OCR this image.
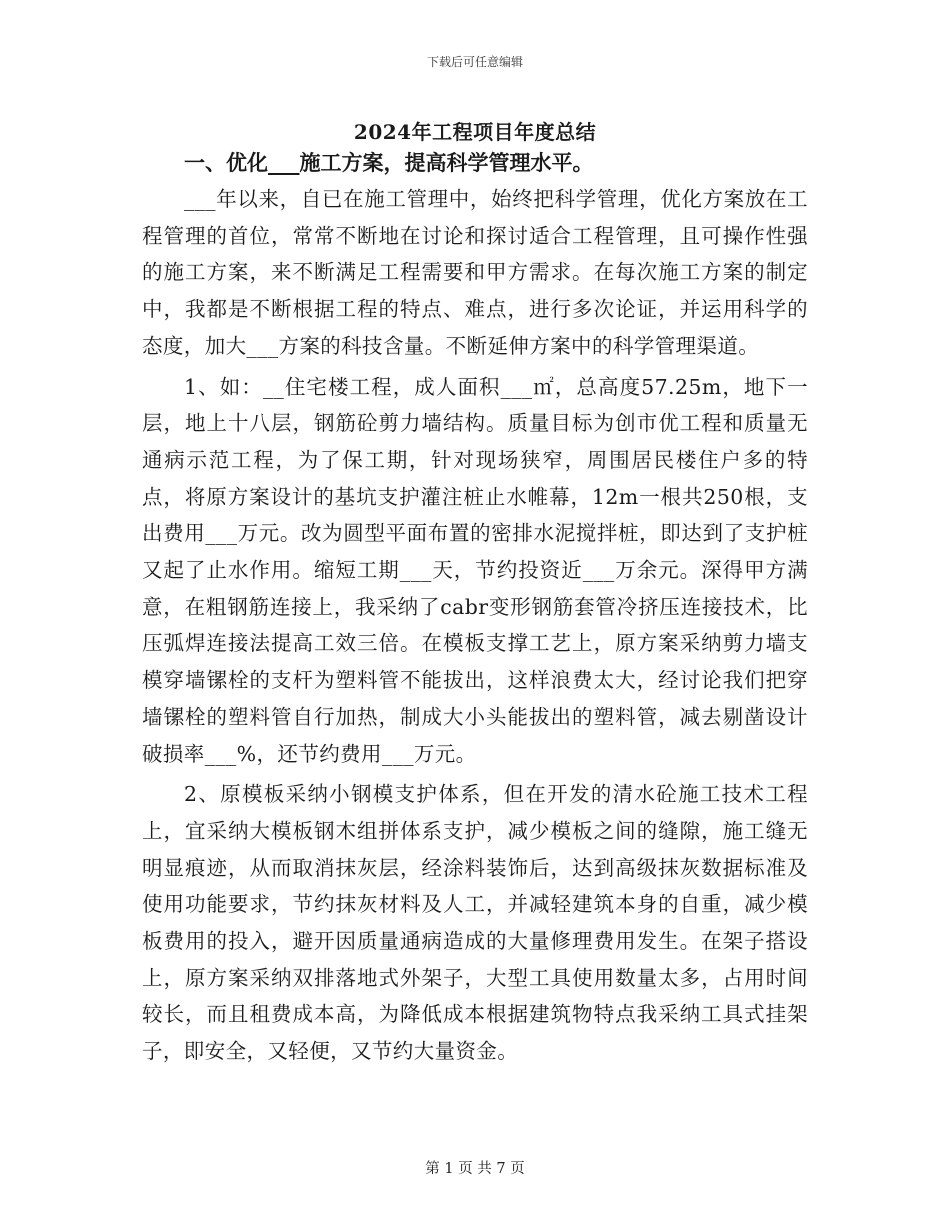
下载后可任意编辑
2024年工程项目年度总结

一、优化___施工方案，提高科学管理水平。

___年以来，自已在施工管理中，始终把科学管理，优化方案放在工程管理的首位，常常不断地在讨论和探讨适合工程管理，且可操作性强的施工方案，来不断满足工程需要和甲方需求。在每次施工方案的制定中，我都是不断根据工程的特点、难点，进行多次论证，并运用科学的态度，加大___方案的科技含量。不断延伸方案中的科学管理渠道。

1、如：__住宅楼工程，成人面积___㎡，总高度57.25m，地下一层，地上十八层，钢筋砼剪力墙结构。质量目标为创市优工程和质量无通病示范工程，为了保工期，针对现场狭窄，周围居民楼住户多的特点，将原方案设计的基坑支护灌注桩止水帷幕，12m一根共250根，支出费用___万元。改为圆型平面布置的密排水泥搅拌桩，即达到了支护桩又起了止水作用。缩短工期___天，节约投资近___万余元。深得甲方满意，在粗钢筋连接上，我采纳了cabr变形钢筋套管冷挤压连接技术，比压弧焊连接法提高工效三倍。在模板支撑工艺上，原方案采纳剪力墙支模穿墙镙栓的支杆为塑料管不能拔出，这样浪费太大，经讨论我们把穿墙镙栓的塑料管自行加热，制成大小头能拔出的塑料管，减去剔凿设计破损率___%，还节约费用___万元。

2、原模板采纳小钢模支护体系，但在开发的清水砼施工技术工程上，宜采纳大模板钢木组拼体系支护，减少模板之间的缝隙，施工缝无明显痕迹，从而取消抹灰层，经涂料装饰后，达到高级抹灰数据标准及使用功能要求，节约抹灰材料及人工，并减轻建筑本身的自重，减少模板费用的投入，避开因质量通病造成的大量修理费用发生。在架子搭设上，原方案采纳双排落地式外架子，大型工具使用数量太多，占用时间较长，而且租费成本高，为降低成本根据建筑物特点我采纳工具式挂架子，即安全，又轻便，又节约大量资金。

第 1 页 共 7 页
